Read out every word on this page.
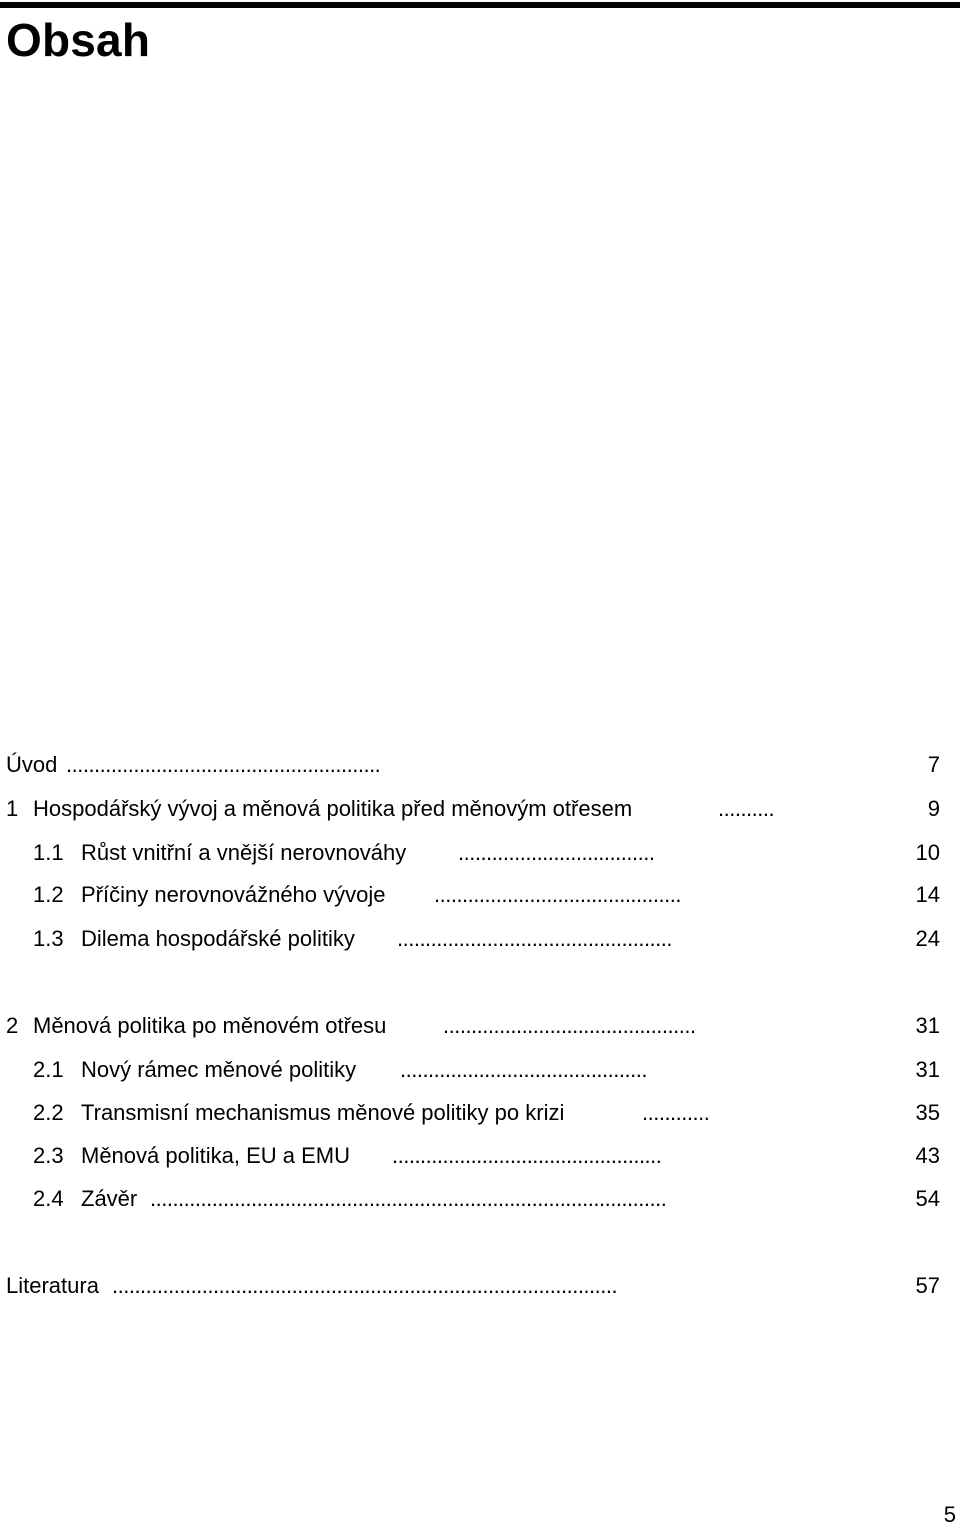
Obsah
Úvod ........................................................	7
1 Hospodářský vývoj a měnová politika před měnovým otřesem	..........	9
1.1 Růst vnitřní a vnější nerovnováhy ...................................	10
1.2 Příčiny nerovnovážného vývoje ............................................	14
1.3 Dilema hospodářské politiky .................................................	24
2 Měnová politika po měnovém otřesu	.............................................	31
2.1 Nový rámec měnové politiky ............................................	31
2.2 Transmisní mechanismus měnové politiky po krizi	............	35
2.3 Měnová politika, EU a EMU ................................................	43
2.4 Závěr ............................................................................................	54
Literatura ..........................................................................................	57
5
